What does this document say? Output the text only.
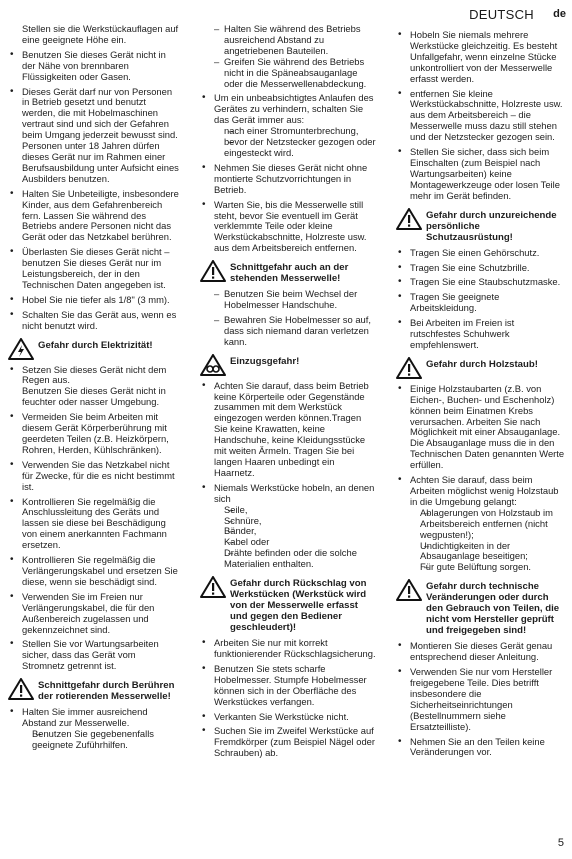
DEUTSCH de
Stellen sie die Werkstückauflagen auf eine geeignete Höhe ein.
• Benutzen Sie dieses Gerät nicht in der Nähe von brennbaren Flüssigkeiten oder Gasen.
• Dieses Gerät darf nur von Personen in Betrieb gesetzt und benutzt werden, die mit Hobelmaschinen vertraut sind und sich der Gefahren beim Umgang jederzeit bewusst sind.
Personen unter 18 Jahren dürfen dieses Gerät nur im Rahmen einer Berufsausbildung unter Aufsicht eines Ausbilders benutzen.
• Halten Sie Unbeteiligte, insbesondere Kinder, aus dem Gefahrenbereich fern. Lassen Sie während des Betriebs andere Personen nicht das Gerät oder das Netzkabel berühren.
• Überlasten Sie dieses Gerät nicht – benutzen Sie dieses Gerät nur im Leistungsbereich, der in den Technischen Daten angegeben ist.
• Hobel Sie nie tiefer als 1/8" (3 mm).
• Schalten Sie das Gerät aus, wenn es nicht benutzt wird.
Gefahr durch Elektrizität!
• Setzen Sie dieses Gerät nicht dem Regen aus.
Benutzen Sie dieses Gerät nicht in feuchter oder nasser Umgebung.
• Vermeiden Sie beim Arbeiten mit diesem Gerät Körperberührung mit geerdeten Teilen (z.B. Heizkörpern, Rohren, Herden, Kühlschränken).
• Verwenden Sie das Netzkabel nicht für Zwecke, für die es nicht bestimmt ist.
• Kontrollieren Sie regelmäßig die Anschlussleitung des Geräts und lassen sie diese bei Beschädigung von einem anerkannten Fachmann ersetzen.
• Kontrollieren Sie regelmäßig die Verlängerungskabel und ersetzen Sie diese, wenn sie beschädigt sind.
• Verwenden Sie im Freien nur Verlängerungskabel, die für den Außenbereich zugelassen und gekennzeichnet sind.
• Stellen Sie vor Wartungsarbeiten sicher, dass das Gerät vom Stromnetz getrennt ist.
Schnittgefahr durch Berühren der rotierenden Messerwelle!
• Halten Sie immer ausreichend Abstand zur Messerwelle.
– Benutzen Sie gegebenenfalls geeignete Zuführhilfen.
– Halten Sie während des Betriebs ausreichend Abstand zu angetriebenen Bauteilen.
– Greifen Sie während des Betriebs nicht in die Späneabsauganlage oder die Messerwellenabdeckung.
• Um ein unbeabsichtigtes Anlaufen des Gerätes zu verhindern, schalten Sie das Gerät immer aus:
– nach einer Stromunterbrechung,
– bevor der Netzstecker gezogen oder eingesteckt wird.
• Nehmen Sie dieses Gerät nicht ohne montierte Schutzvorrichtungen in Betrieb.
• Warten Sie, bis die Messerwelle still steht, bevor Sie eventuell im Gerät verklemmte Teile oder kleine Werkstückabschnitte, Holzreste usw. aus dem Arbeitsbereich entfernen.
Schnittgefahr auch an der stehenden Messerwelle!
– Benutzen Sie beim Wechsel der Hobelmesser Handschuhe.
– Bewahren Sie Hobelmesser so auf, dass sich niemand daran verletzen kann.
Einzugsgefahr!
• Achten Sie darauf, dass beim Betrieb keine Körperteile oder Gegenstände zusammen mit dem Werkstück eingezogen werden können.Tragen Sie keine Krawatten, keine Handschuhe, keine Kleidungsstücke mit weiten Ärmeln. Tragen Sie bei langen Haaren unbedingt ein Haarnetz.
• Niemals Werkstücke hobeln, an denen sich
– Seile,
– Schnüre,
– Bänder,
– Kabel oder
– Drähte befinden oder die solche Materialien enthalten.
Gefahr durch Rückschlag von Werkstücken (Werkstück wird von der Messerwelle erfasst und gegen den Bediener geschleudert)!
• Arbeiten Sie nur mit korrekt funktionierender Rückschlagsicherung.
• Benutzen Sie stets scharfe Hobelmesser. Stumpfe Hobelmesser können sich in der Oberfläche des Werkstückes verfangen.
• Verkanten Sie Werkstücke nicht.
• Suchen Sie im Zweifel Werkstücke auf Fremdkörper (zum Beispiel Nägel oder Schrauben) ab.
• Hobeln Sie niemals mehrere Werkstücke gleichzeitig. Es besteht Unfallgefahr, wenn einzelne Stücke unkontrolliert von der Messerwelle erfasst werden.
• entfernen Sie kleine Werkstückabschnitte, Holzreste usw. aus dem Arbeitsbereich – die Messerwelle muss dazu still stehen und der Netzstecker gezogen sein.
• Stellen Sie sicher, dass sich beim Einschalten (zum Beispiel nach Wartungsarbeiten) keine Montagewerkzeuge oder losen Teile mehr im Gerät befinden.
Gefahr durch unzureichende persönliche Schutzausrüstung!
• Tragen Sie einen Gehörschutz.
• Tragen Sie eine Schutzbrille.
• Tragen Sie eine Staubschutzmaske.
• Tragen Sie geeignete Arbeitskleidung.
• Bei Arbeiten im Freien ist rutschfestes Schuhwerk empfehlenswert.
Gefahr durch Holzstaub!
• Einige Holzstaubarten (z.B. von Eichen-, Buchen- und Eschenholz) können beim Einatmen Krebs verursachen. Arbeiten Sie nach Möglichkeit mit einer Absauganlage. Die Absauganlage muss die in den Technischen Daten genannten Werte erfüllen.
• Achten Sie darauf, dass beim Arbeiten möglichst wenig Holzstaub in die Umgebung gelangt:
– Ablagerungen von Holzstaub im Arbeitsbereich entfernen (nicht wegpusten!);
– Undichtigkeiten in der Absauganlage beseitigen;
– Für gute Belüftung sorgen.
Gefahr durch technische Veränderungen oder durch den Gebrauch von Teilen, die nicht vom Hersteller geprüft und freigegeben sind!
• Montieren Sie dieses Gerät genau entsprechend dieser Anleitung.
• Verwenden Sie nur vom Hersteller freigegebene Teile. Dies betrifft insbesondere die Sicherheitseinrichtungen (Bestellnummern siehe Ersatzteilliste).
• Nehmen Sie an den Teilen keine Veränderungen vor.
5
